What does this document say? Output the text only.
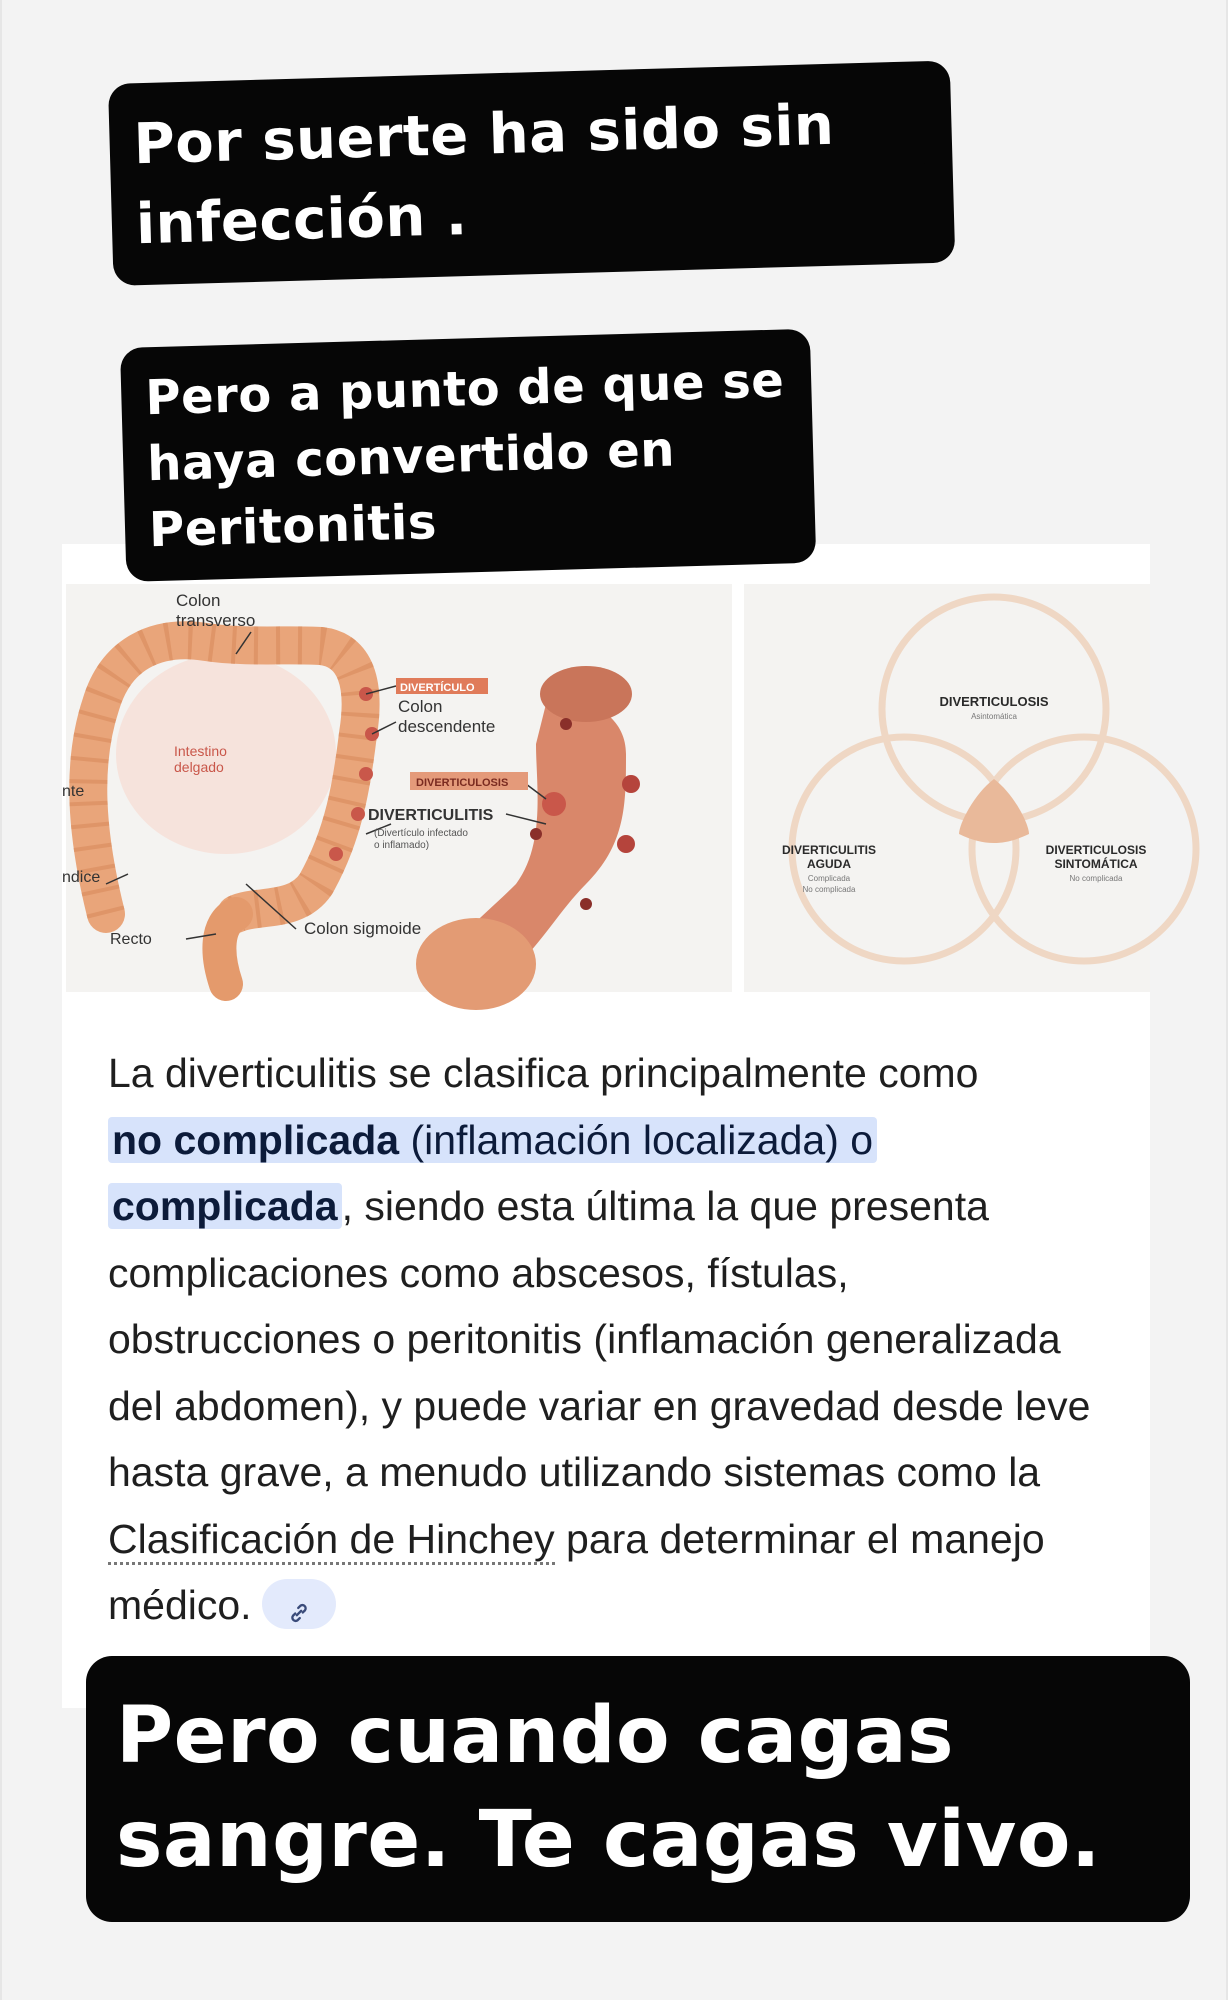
Colon
transverso
Intestino
delgado
DIVERTÍCULO
Colon
descendente
DIVERTICULOSIS
DIVERTICULITIS
(Divertículo infectado
o inflamado)
nte
ndice
Recto
Colon sigmoide
DIVERTICULOSIS
Asintomática
DIVERTICULITIS
AGUDA
Complicada
No complicada
DIVERTICULOSIS
SINTOMÁTICA
No complicada
La diverticulitis se clasifica principalmente como
no complicada (inflamación localizada) o
complicada, siendo esta última la que presenta complicaciones como abscesos, fístulas, obstrucciones o peritonitis (inflamación generalizada del abdomen), y puede variar en gravedad desde leve hasta grave, a menudo utilizando sistemas como la Clasificación de Hinchey para determinar el manejo médico.
Por suerte ha sido sin
infección .
Pero a punto de que se
haya convertido en
Peritonitis
Pero cuando cagas
sangre. Te cagas vivo.
